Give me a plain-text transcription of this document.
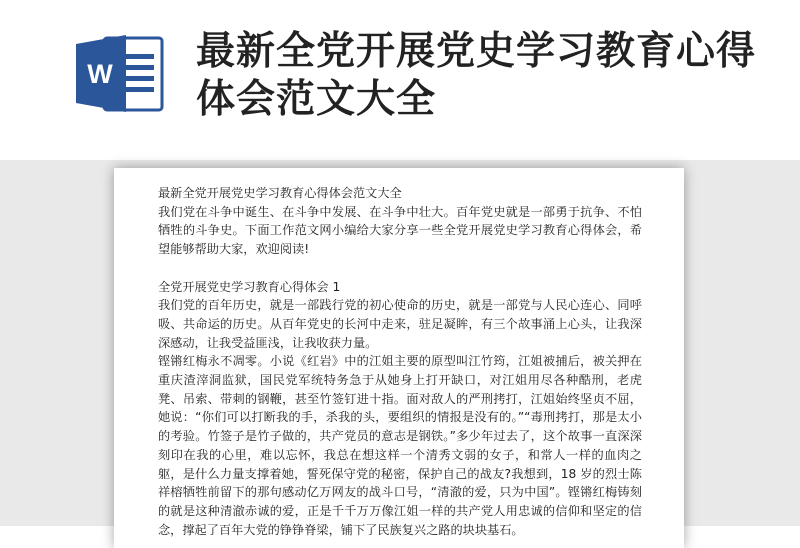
W 最新全党开展党史学习教育心得体会范文大全

最新全党开展党史学习教育心得体会范文大全

我们党在斗争中诞生、在斗争中发展、在斗争中壮大。百年党史就是一部勇于抗争、不怕牺牲的斗争史。下面工作范文网小编给大家分享一些全党开展党史学习教育心得体会，希望能够帮助大家，欢迎阅读!

全党开展党史学习教育心得体会 1

我们党的百年历史，就是一部践行党的初心使命的历史，就是一部党与人民心连心、同呼吸、共命运的历史。从百年党史的长河中走来，驻足凝眸，有三个故事涌上心头，让我深深感动，让我受益匪浅，让我收获力量。

铿锵红梅永不凋零。小说《红岩》中的江姐主要的原型叫江竹筠，江姐被捕后，被关押在重庆渣滓洞监狱，国民党军统特务急于从她身上打开缺口，对江姐用尽各种酷刑，老虎凳、吊索、带刺的钢鞭，甚至竹签钉进十指。面对敌人的严刑拷打，江姐始终坚贞不屈，她说：“你们可以打断我的手，杀我的头，要组织的情报是没有的。”“毒刑拷打，那是太小的考验。竹签子是竹子做的，共产党员的意志是钢铁。”多少年过去了，这个故事一直深深刻印在我的心里，难以忘怀，我总在想这样一个清秀文弱的女子，和常人一样的血肉之躯，是什么力量支撑着她，誓死保守党的秘密，保护自己的战友?我想到，18 岁的烈士陈祥榕牺牲前留下的那句感动亿万网友的战斗口号，“清澈的爱，只为中国”。铿锵红梅铸刻的就是这种清澈赤诚的爱，正是千千万万像江姐一样的共产党人用忠诚的信仰和坚定的信念，撑起了百年大党的铮铮脊梁，铺下了民族复兴之路的块块基石。
